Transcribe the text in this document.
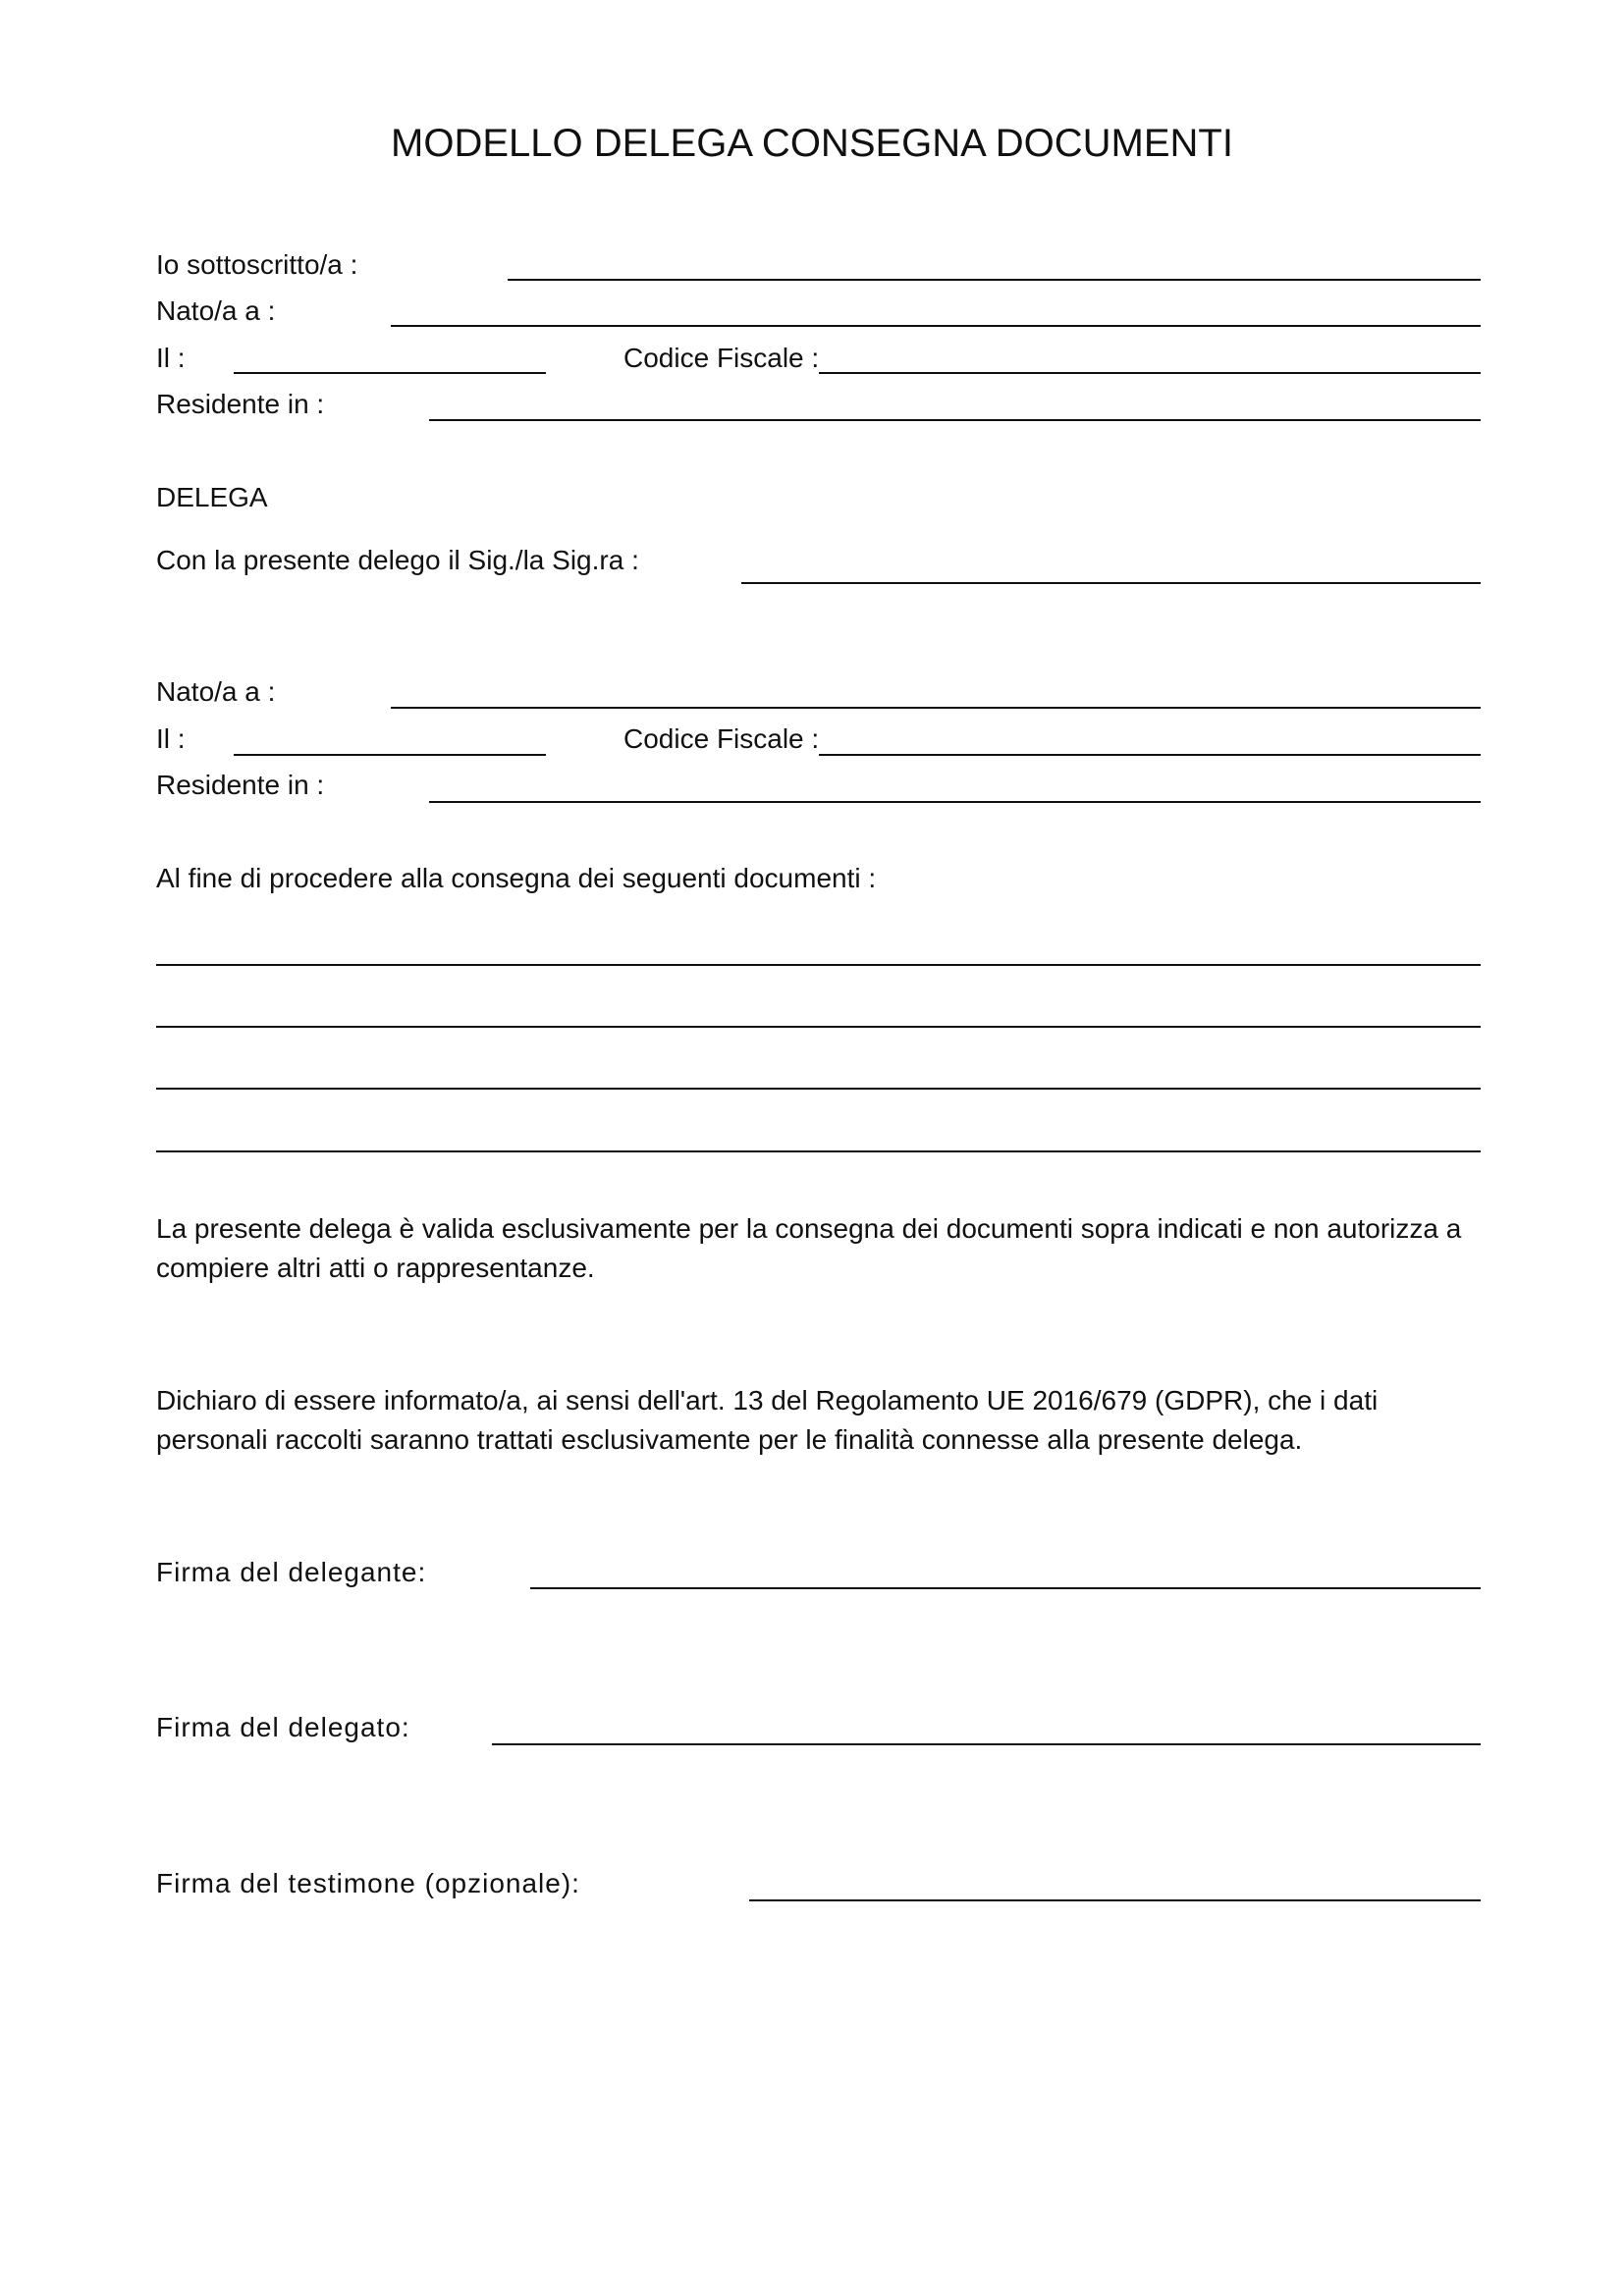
MODELLO DELEGA CONSEGNA DOCUMENTI
Io sottoscritto/a :
Nato/a a :
Il :	Codice Fiscale :
Residente in :
DELEGA
Con la presente delego il Sig./la Sig.ra :
Nato/a a :
Il :	Codice Fiscale :
Residente in :
Al fine di procedere alla consegna dei seguenti documenti :
La presente delega è valida esclusivamente per la consegna dei documenti sopra indicati e non autorizza a
compiere altri atti o rappresentanze.
Dichiaro di essere informato/a, ai sensi dell'art. 13 del Regolamento UE 2016/679 (GDPR), che i dati
personali raccolti saranno trattati esclusivamente per le finalità connesse alla presente delega.
Firma del delegante:
Firma del delegato:
Firma del testimone (opzionale):
